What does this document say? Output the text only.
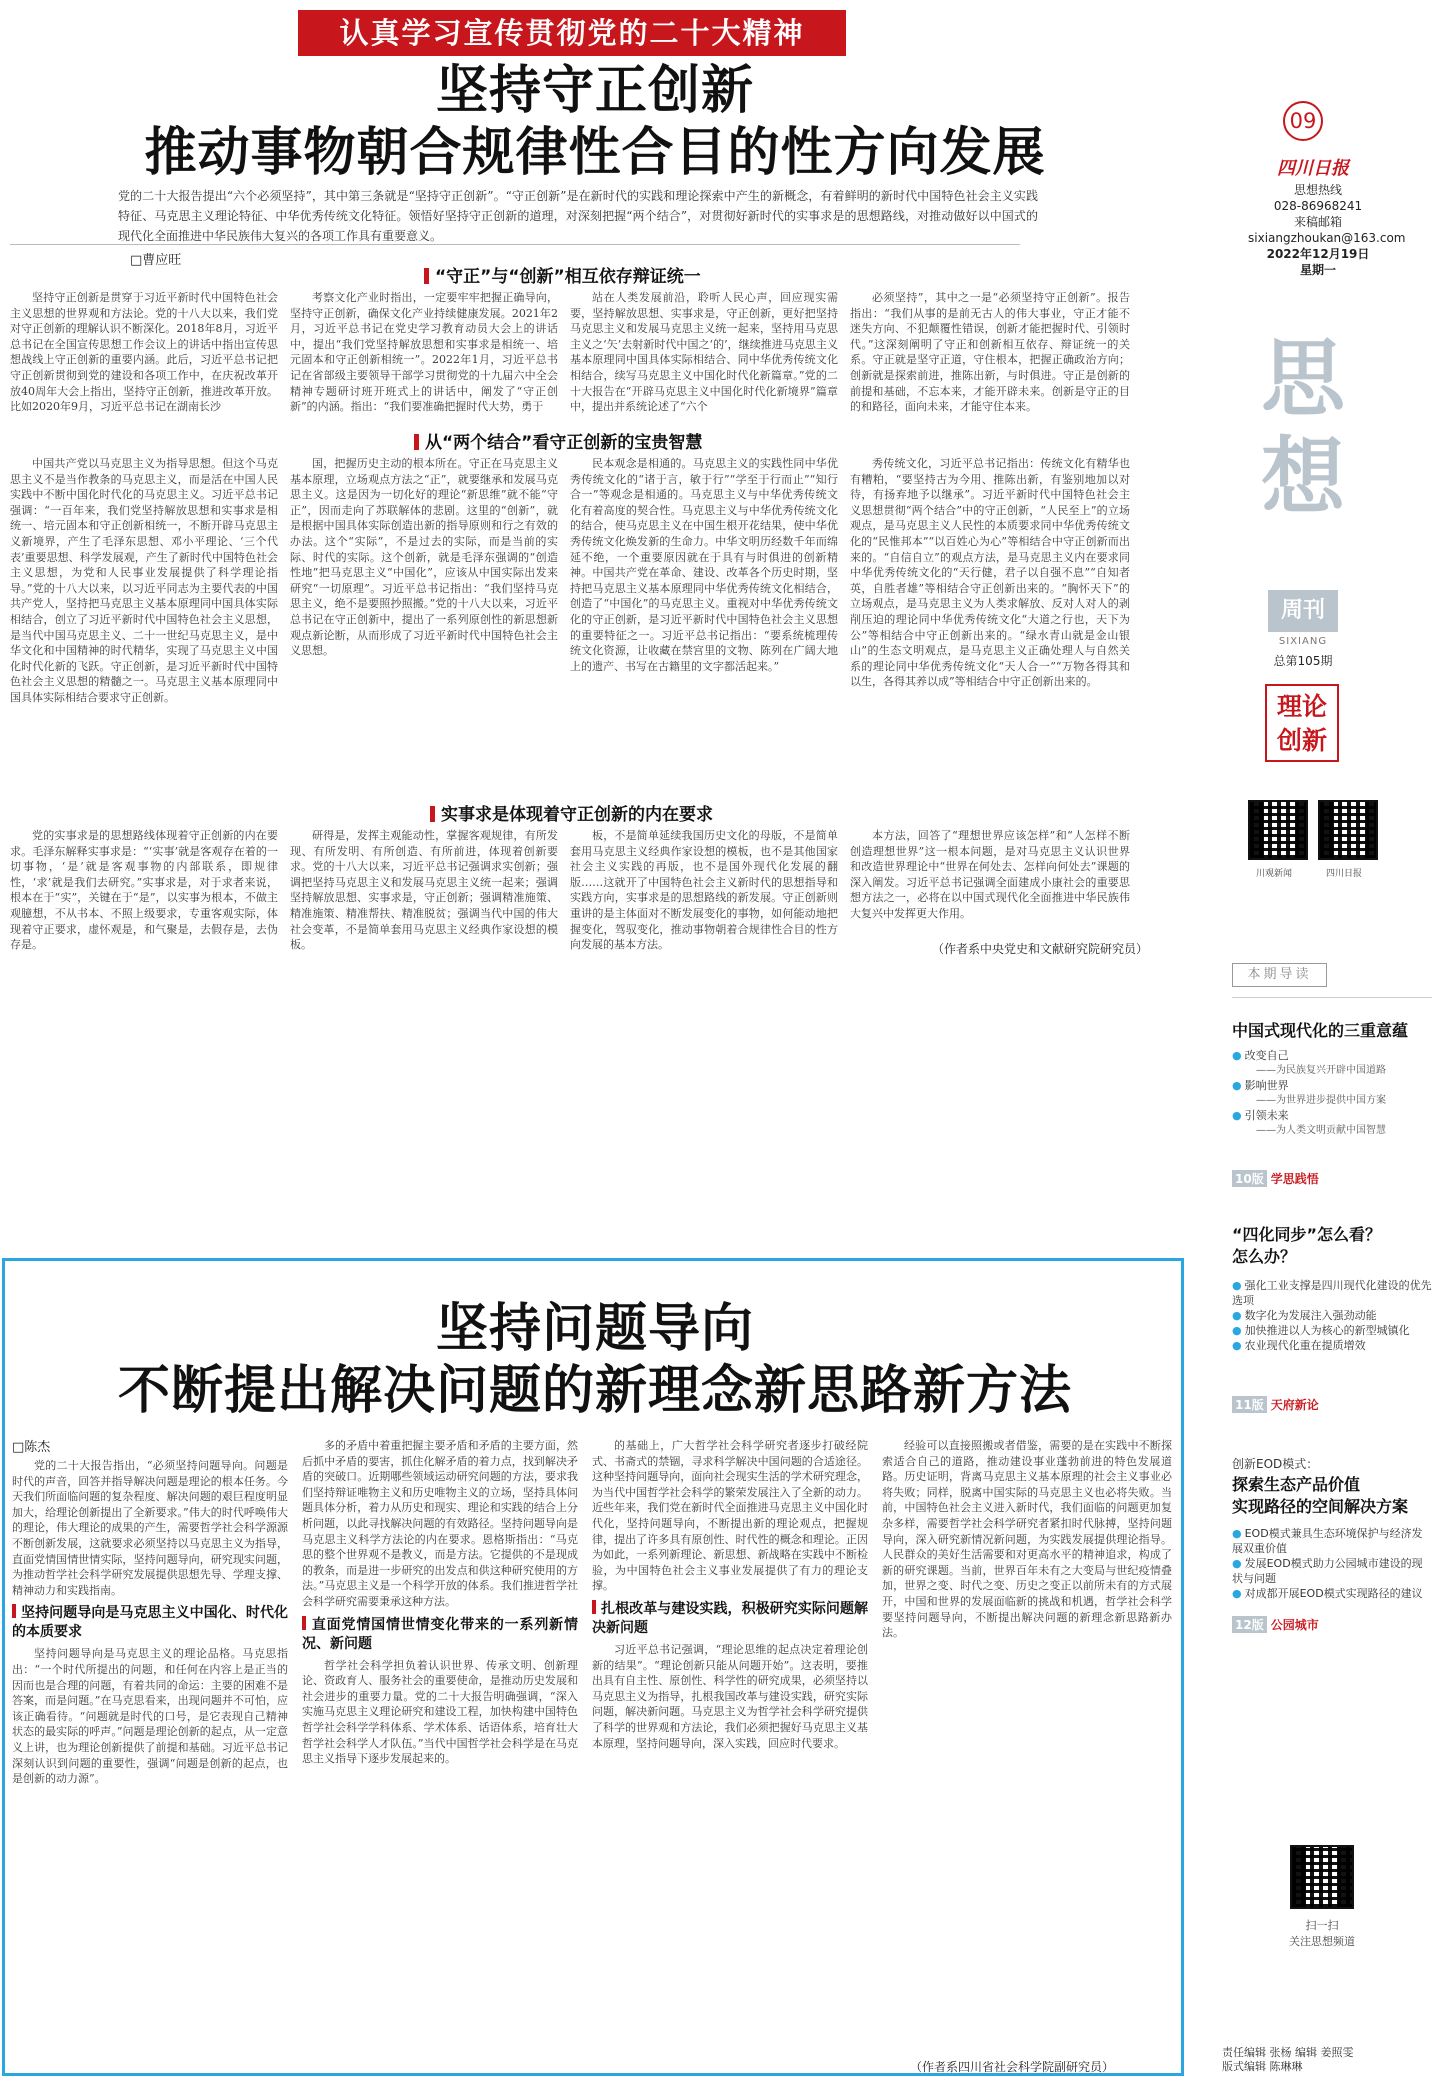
认真学习宣传贯彻党的二十大精神
坚持守正创新
推动事物朝合规律性合目的性方向发展
党的二十大报告提出“六个必须坚持”，其中第三条就是“坚持守正创新”。“守正创新”是在新时代的实践和理论探索中产生的新概念，有着鲜明的新时代中国特色社会主义实践特征、马克思主义理论特征、中华优秀传统文化特征。领悟好坚持守正创新的道理，对深刻把握“两个结合”，对贯彻好新时代的实事求是的思想路线，对推动做好以中国式的现代化全面推进中华民族伟大复兴的各项工作具有重要意义。
□曹应旺
“守正”与“创新”相互依存辩证统一

坚持守正创新是贯穿于习近平新时代中国特色社会主义思想的世界观和方法论。党的十八大以来，我们党对守正创新的理解认识不断深化。2018年8月，习近平总书记在全国宣传思想工作会议上的讲话中指出宣传思想战线上守正创新的重要内涵。此后，习近平总书记把守正创新贯彻到党的建设和各项工作中，在庆祝改革开放40周年大会上指出，坚持守正创新，推进改革开放。比如2020年9月，习近平总书记在湖南长沙

考察文化产业时指出，一定要牢牢把握正确导向，坚持守正创新，确保文化产业持续健康发展。2021年2月，习近平总书记在党史学习教育动员大会上的讲话中，提出“我们党坚持解放思想和实事求是相统一、培元固本和守正创新相统一”。2022年1月，习近平总书记在省部级主要领导干部学习贯彻党的十九届六中全会精神专题研讨班开班式上的讲话中，阐发了“守正创新”的内涵。指出：“我们要准确把握时代大势，勇于

站在人类发展前沿，聆听人民心声，回应现实需要，坚持解放思想、实事求是，守正创新，更好把坚持马克思主义和发展马克思主义统一起来，坚持用马克思主义之‘矢’去射新时代中国之‘的’，继续推进马克思主义基本原理同中国具体实际相结合、同中华优秀传统文化相结合，续写马克思主义中国化时代化新篇章。”党的二十大报告在“开辟马克思主义中国化时代化新境界”篇章中，提出并系统论述了“六个

必须坚持”，其中之一是“必须坚持守正创新”。报告指出：“我们从事的是前无古人的伟大事业，守正才能不迷失方向、不犯颠覆性错误，创新才能把握时代、引领时代。”这深刻阐明了守正和创新相互依存、辩证统一的关系。守正就是坚守正道，守住根本，把握正确政治方向；创新就是探索前进，推陈出新，与时俱进。守正是创新的前提和基础，不忘本来，才能开辟未来。创新是守正的目的和路径，面向未来，才能守住本来。

从“两个结合”看守正创新的宝贵智慧

中国共产党以马克思主义为指导思想。但这个马克思主义不是当作教条的马克思主义，而是活在中国人民实践中不断中国化时代化的马克思主义。习近平总书记强调：“一百年来，我们党坚持解放思想和实事求是相统一、培元固本和守正创新相统一，不断开辟马克思主义新境界，产生了毛泽东思想、邓小平理论、‘三个代表’重要思想、科学发展观，产生了新时代中国特色社会主义思想，为党和人民事业发展提供了科学理论指导。”党的十八大以来，以习近平同志为主要代表的中国共产党人，坚持把马克思主义基本原理同中国具体实际相结合，创立了习近平新时代中国特色社会主义思想，是当代中国马克思主义、二十一世纪马克思主义，是中华文化和中国精神的时代精华，实现了马克思主义中国化时代化新的飞跃。守正创新，是习近平新时代中国特色社会主义思想的精髓之一。马克思主义基本原理同中国具体实际相结合要求守正创新。

国，把握历史主动的根本所在。守正在马克思主义基本原理，立场观点方法之“正”，就要继承和发展马克思主义。这是因为一切化好的理论“新思维”就不能“守正”，因而走向了苏联解体的悲剧。这里的“创新”，就是根据中国具体实际创造出新的指导原则和行之有效的办法。这个“实际”，不是过去的实际，而是当前的实际、时代的实际。这个创新，就是毛泽东强调的“创造性地”把马克思主义“中国化”，应该从中国实际出发来研究“一切原理”。习近平总书记指出：“我们坚持马克思主义，绝不是要照抄照搬。”党的十八大以来，习近平总书记在守正创新中，提出了一系列原创性的新思想新观点新论断，从而形成了习近平新时代中国特色社会主义思想。

民本观念是相通的。马克思主义的实践性同中华优秀传统文化的“诸于言，敏于行”“学至于行而止”“知行合一”等观念是相通的。马克思主义与中华优秀传统文化有着高度的契合性。马克思主义与中华优秀传统文化的结合，使马克思主义在中国生根开花结果，使中华优秀传统文化焕发新的生命力。中华文明历经数千年而绵延不绝，一个重要原因就在于具有与时俱进的创新精神。中国共产党在革命、建设、改革各个历史时期，坚持把马克思主义基本原理同中华优秀传统文化相结合，创造了“中国化”的马克思主义。重视对中华优秀传统文化的守正创新，是习近平新时代中国特色社会主义思想的重要特征之一。习近平总书记指出：“要系统梳理传统文化资源，让收藏在禁宫里的文物、陈列在广阔大地上的遗产、书写在古籍里的文字都活起来。”

秀传统文化，习近平总书记指出：传统文化有精华也有糟粕，“要坚持古为今用、推陈出新，有鉴别地加以对待，有扬弃地予以继承”。习近平新时代中国特色社会主义思想贯彻“两个结合”中的守正创新，“人民至上”的立场观点，是马克思主义人民性的本质要求同中华优秀传统文化的“民惟邦本”“以百姓心为心”等相结合中守正创新而出来的。“自信自立”的观点方法，是马克思主义内在要求同中华优秀传统文化的“天行健，君子以自强不息”“自知者英，自胜者雄”等相结合守正创新出来的。“胸怀天下”的立场观点，是马克思主义为人类求解放、反对人对人的剥削压迫的理论同中华优秀传统文化“大道之行也，天下为公”等相结合中守正创新出来的。“绿水青山就是金山银山”的生态文明观点，是马克思主义正确处理人与自然关系的理论同中华优秀传统文化“天人合一”“万物各得其和以生，各得其养以成”等相结合中守正创新出来的。

实事求是体现着守正创新的内在要求

党的实事求是的思想路线体现着守正创新的内在要求。毛泽东解释实事求是：“‘实事’就是客观存在着的一切事物，‘是’就是客观事物的内部联系，即规律性，‘求’就是我们去研究。”实事求是，对于求者来说，根本在于“实”，关键在于“是”，以实事为根本，不做主观臆想，不从书本、不照上级要求，专重客观实际，体现着守正要求，虚怀观是，和气聚是，去假存是，去伪存是。

研得是，发挥主观能动性，掌握客观规律，有所发现、有所发明、有所创造、有所前进，体现着创新要求。党的十八大以来，习近平总书记强调求实创新；强调把坚持马克思主义和发展马克思主义统一起来；强调坚持解放思想、实事求是，守正创新；强调精准施策、精准施策、精准帮扶、精准脱贫；强调当代中国的伟大社会变革，不是简单套用马克思主义经典作家设想的模板。

板，不是简单延续我国历史文化的母版，不是简单套用马克思主义经典作家设想的模板，也不是其他国家社会主义实践的再版，也不是国外现代化发展的翻版……这就开了中国特色社会主义新时代的思想指导和实践方向，实事求是的思想路线的新发展。守正创新则重讲的是主体面对不断发展变化的事物，如何能动地把握变化，驾驭变化，推动事物朝着合规律性合目的性方向发展的基本方法。

本方法，回答了“理想世界应该怎样”和“人怎样不断创造理想世界”这一根本问题，是对马克思主义认识世界和改造世界理论中“世界在何处去、怎样向何处去”课题的深入阐发。习近平总书记强调全面建成小康社会的重要思想方法之一，必将在以中国式现代化全面推进中华民族伟大复兴中发挥更大作用。

（作者系中央党史和文献研究院研究员）
坚持问题导向
不断提出解决问题的新理念新思路新方法
□陈杰

党的二十大报告指出，“必须坚持问题导向。问题是时代的声音，回答并指导解决问题是理论的根本任务。今天我们所面临问题的复杂程度、解决问题的艰巨程度明显加大，给理论创新提出了全新要求。”伟大的时代呼唤伟大的理论，伟大理论的成果的产生，需要哲学社会科学源源不断创新发展，这就要求必须坚持以马克思主义为指导，直面党情国情世情实际，坚持问题导向，研究现实问题，为推动哲学社会科学研究发展提供思想先导、学理支撑、精神动力和实践指南。

坚持问题导向是马克思主义中国化、时代化的本质要求

坚持问题导向是马克思主义的理论品格。马克思指出：“一个时代所提出的问题，和任何在内容上是正当的因而也是合理的问题，有着共同的命运：主要的困难不是答案，而是问题。”在马克思看来，出现问题并不可怕，应该正确看待。“问题就是时代的口号，是它表现自己精神状态的最实际的呼声。”问题是理论创新的起点，从一定意义上讲，也为理论创新提供了前提和基础。习近平总书记深刻认识到问题的重要性，强调“问题是创新的起点，也是创新的动力源”。

多的矛盾中着重把握主要矛盾和矛盾的主要方面，然后抓中矛盾的要害，抓住化解矛盾的着力点，找到解决矛盾的突破口。近期哪些领域运动研究问题的方法，要求我们坚持辩证唯物主义和历史唯物主义的立场，坚持具体问题具体分析，着力从历史和现实、理论和实践的结合上分析问题，以此寻找解决问题的有效路径。坚持问题导向是马克思主义科学方法论的内在要求。恩格斯指出：“马克思的整个世界观不是教义，而是方法。它提供的不是现成的教条，而是进一步研究的出发点和供这种研究使用的方法。”马克思主义是一个科学开放的体系。我们推进哲学社会科学研究需要秉承这种方法。

直面党情国情世情变化带来的一系列新情况、新问题

哲学社会科学担负着认识世界、传承文明、创新理论、资政育人、服务社会的重要使命，是推动历史发展和社会进步的重要力量。党的二十大报告明确强调，“深入实施马克思主义理论研究和建设工程，加快构建中国特色哲学社会科学学科体系、学术体系、话语体系，培育壮大哲学社会科学人才队伍。”当代中国哲学社会科学是在马克思主义指导下逐步发展起来的。

的基础上，广大哲学社会科学研究者逐步打破经院式、书斋式的禁锢，寻求科学解决中国问题的合适途径。这种坚持问题导向，面向社会现实生活的学术研究理念，为当代中国哲学社会科学的繁荣发展注入了全新的动力。近些年来，我们党在新时代全面推进马克思主义中国化时代化，坚持问题导向，不断提出新的理论观点，把握规律，提出了许多具有原创性、时代性的概念和理论。正因为如此，一系列新理论、新思想、新战略在实践中不断检验，为中国特色社会主义事业发展提供了有力的理论支撑。

扎根改革与建设实践，积极研究实际问题解决新问题

习近平总书记强调，“理论思维的起点决定着理论创新的结果”。“理论创新只能从问题开始”。这表明，要推出具有自主性、原创性、科学性的研究成果，必须坚持以马克思主义为指导，扎根我国改革与建设实践，研究实际问题，解决新问题。马克思主义为哲学社会科学研究提供了科学的世界观和方法论，我们必须把握好马克思主义基本原理，坚持问题导向，深入实践，回应时代要求。

经验可以直接照搬或者借鉴，需要的是在实践中不断探索适合自己的道路，推动建设事业蓬勃前进的特色发展道路。历史证明，背离马克思主义基本原理的社会主义事业必将失败；同样，脱离中国实际的马克思主义也必将失败。当前，中国特色社会主义进入新时代，我们面临的问题更加复杂多样，需要哲学社会科学研究者紧扣时代脉搏，坚持问题导向，深入研究新情况新问题，为实践发展提供理论指导。人民群众的美好生活需要和对更高水平的精神追求，构成了新的研究课题。当前，世界百年未有之大变局与世纪疫情叠加，世界之变、时代之变、历史之变正以前所未有的方式展开，中国和世界的发展面临新的挑战和机遇，哲学社会科学要坚持问题导向，不断提出解决问题的新理念新思路新办法。

（作者系四川省社会科学院副研究员）
09
四川日报
思想热线
028-86968241
来稿邮箱
sixiangzhoukan@163.com
2022年12月19日
星期一
思
想
周刊
SIXIANG
总第105期
理论
创新
川观新闻	四川日报
本期导读
中国式现代化的三重意蕴
● 改变自己
——为民族复兴开辟中国道路
● 影响世界
——为世界进步提供中国方案
● 引领未来
——为人类文明贡献中国智慧
10版 学思践悟
“四化同步”怎么看？
怎么办？
● 强化工业支撑是四川现代化建设的优先选项
● 数字化为发展注入强劲动能
● 加快推进以人为核心的新型城镇化
● 农业现代化重在提质增效
11版 天府新论
创新EOD模式：
探索生态产品价值
实现路径的空间解决方案
● EOD模式兼具生态环境保护与经济发展双重价值
● 发展EOD模式助力公园城市建设的现状与问题
● 对成都开展EOD模式实现路径的建议
12版 公园城市
扫一扫
关注思想频道
责任编辑 张杨 编辑 姜照雯
版式编辑 陈琳琳
